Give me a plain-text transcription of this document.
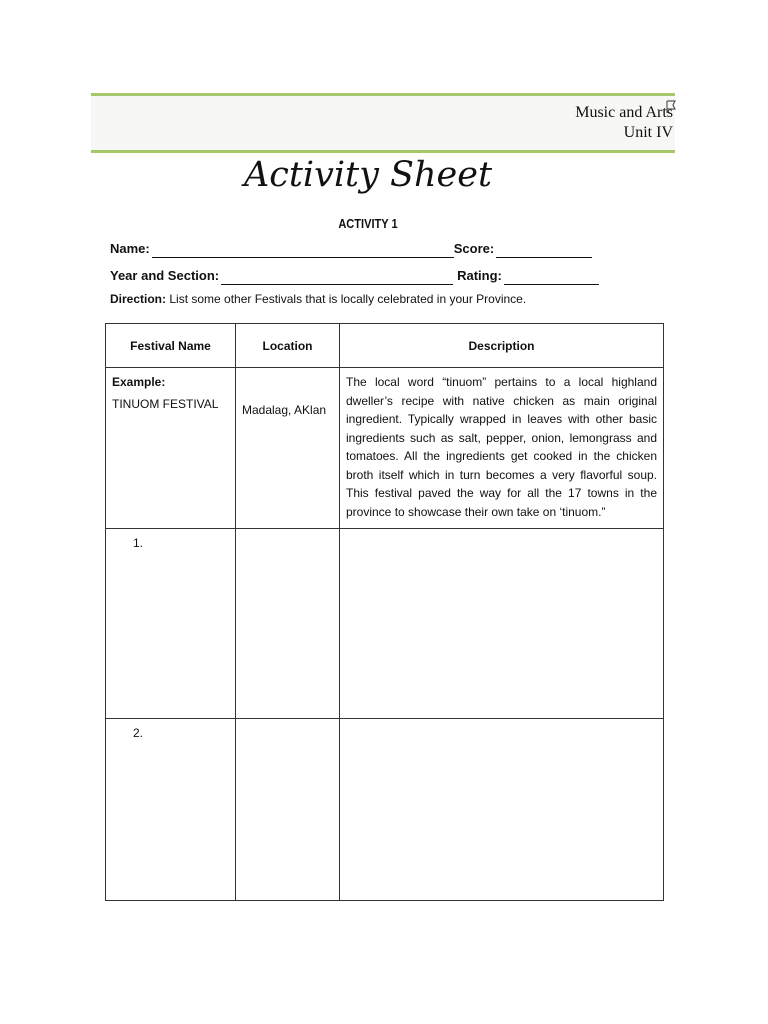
Music and Arts
Unit IV
Activity Sheet
ACTIVITY 1
Name:	Score:
Year and Section:	Rating:
Direction: List some other Festivals that is locally celebrated in your Province.
Festival Name	Location	Description

Example:
TINUOM FESTIVAL	Madalag, AKlan	The local word “tinuom” pertains to a local highland dweller’s recipe with native chicken as main original ingredient. Typically wrapped in leaves with other basic ingredients such as salt, pepper, onion, lemongrass and tomatoes. All the ingredients get cooked in the chicken broth itself which in turn becomes a very flavorful soup. This festival paved the way for all the 17 towns in the province to showcase their own take on ‘tinuom.”

1.		

2.		
